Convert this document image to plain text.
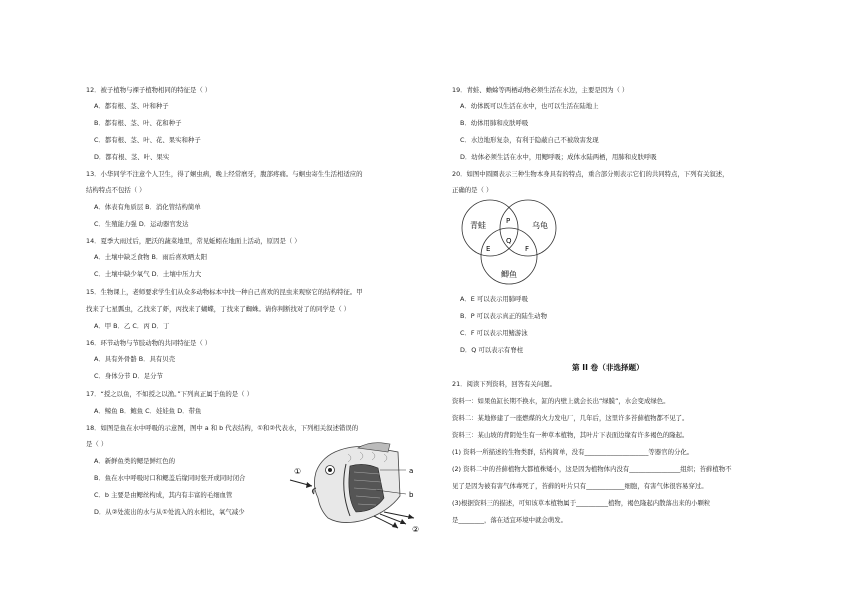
12．被子植物与裸子植物相同的特征是（ ）
A．都有根、茎、叶和种子
B．都有根、茎、叶、花和种子
C．都有根、茎、叶、花、果实和种子
D．都有根、茎、叶、果实
13．小华同学不注意个人卫生，得了蛔虫病，晚上经常磨牙，腹部疼痛。与蛔虫寄生生活相适应的
结构特点不包括（ ）
A．体表有角质层 B．消化管结构简单
C．生殖能力强 D．运动器官发达
14．夏季大雨过后，肥沃的蔬菜地里，常见蚯蚓在地面上活动，原因是（ ）
A．土壤中缺乏食物 B．雨后喜欢晒太阳
C．土壤中缺少氧气 D．土壤中压力大
15．生物课上，老师要求学生们从众多动物标本中找一种自己喜欢的昆虫来观察它的结构特征。甲
找来了七星瓢虫，乙找来了虾，丙找来了蝴蝶，丁找来了蜘蛛。请你判断找对了的同学是（ ）
A．甲 B．乙 C．丙 D．丁
16．环节动物与节肢动物的共同特征是（ ）
A．具有外骨骼 B．具有贝壳
C．身体分节 D．足分节
17．“授之以鱼，不如授之以渔。”下列真正属于鱼的是（ ）
A．鲸鱼 B．鲍鱼 C．娃娃鱼 D．带鱼
18．如图是鱼在水中呼吸的示意图，图中 a 和 b 代表结构，①和②代表水，下列相关叙述错误的
是（ ）
A．新鲜鱼类的鳃是鲜红色的
B．鱼在水中呼吸时口和鳃盖后缘同时张开或同时闭合
C．b 主要是由鳃丝构成，其内有丰富的毛细血管
D．从②处流出的水与从①处流入的水相比，氧气减少
①	a
b
②
19．青蛙、蟾蜍等两栖动物必须生活在水边，主要是因为（ ）
A．幼体既可以生活在水中，也可以生活在陆地上
B．幼体用肺和皮肤呼吸
C．水边地形复杂，有利于隐蔽自己不被敌害发现
D．幼体必须生活在水中，用鳃呼吸；成体水陆两栖，用肺和皮肤呼吸
20．如图中圆圈表示三种生物本身具有的特点，重合部分则表示它们的共同特点，下列有关叙述，
正确的是（ ）
青蛙	乌龟
鲫鱼
P
E
Q
F
A．E 可以表示用肺呼吸
B．P 可以表示真正的陆生动物
C．F 可以表示用鳍游泳
D．Q 可以表示有脊柱
第 II 卷（非选择题）
21．阅读下列资料，回答有关问题。
资料一：如果鱼缸长期不换水，缸的内壁上就会长出“绿膜”，水会变成绿色。
资料二：某地修建了一座燃煤的火力发电厂，几年后，这里许多苔藓植物都不见了。
资料三：某山坡的背阴处生有一种草本植物，其叶片下表面边缘有许多褐色的隆起。
(1) 资料一所描述的生物类群，结构简单，没有____________________等器官的分化。
(2) 资料二中的苔藓植物大都植株矮小，这是因为植物体内没有________________组织；苔藓植物不
见了是因为被有害气体毒死了，苔藓的叶片只有____________细胞，有害气体很容易穿过。
(3)根据资料三的描述，可知该草本植物属于__________植物，褐色隆起内散落出来的小颗粒
是________，落在适宜环境中就会萌发。
